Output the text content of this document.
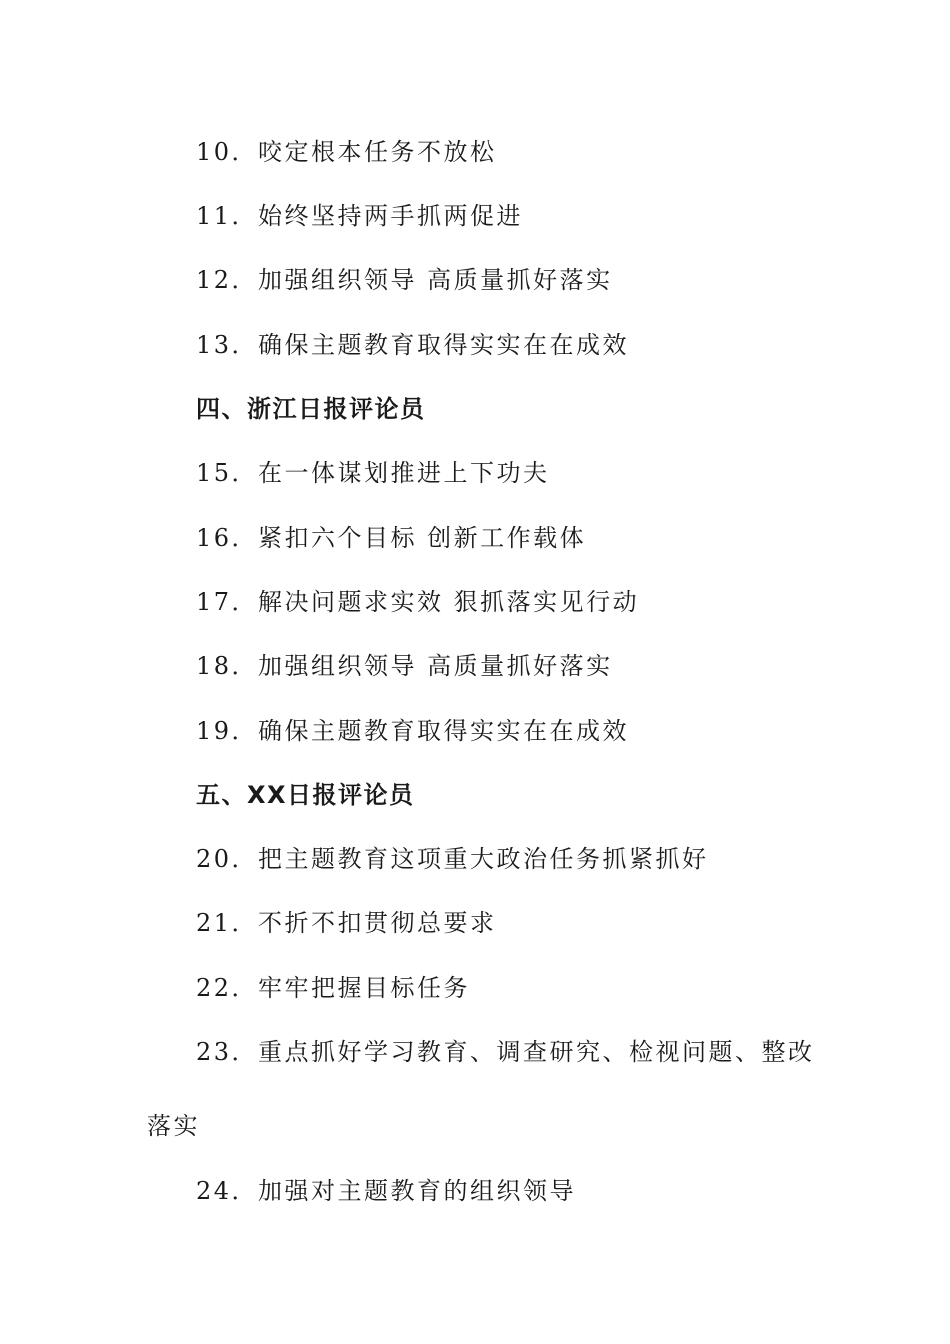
10．咬定根本任务不放松
11．始终坚持两手抓两促进
12．加强组织领导 高质量抓好落实
13．确保主题教育取得实实在在成效
四、浙江日报评论员
15．在一体谋划推进上下功夫
16．紧扣六个目标 创新工作载体
17．解决问题求实效 狠抓落实见行动
18．加强组织领导 高质量抓好落实
19．确保主题教育取得实实在在成效
五、XX日报评论员
20．把主题教育这项重大政治任务抓紧抓好
21．不折不扣贯彻总要求
22．牢牢把握目标任务
23．重点抓好学习教育、调查研究、检视问题、整改
落实
24．加强对主题教育的组织领导
